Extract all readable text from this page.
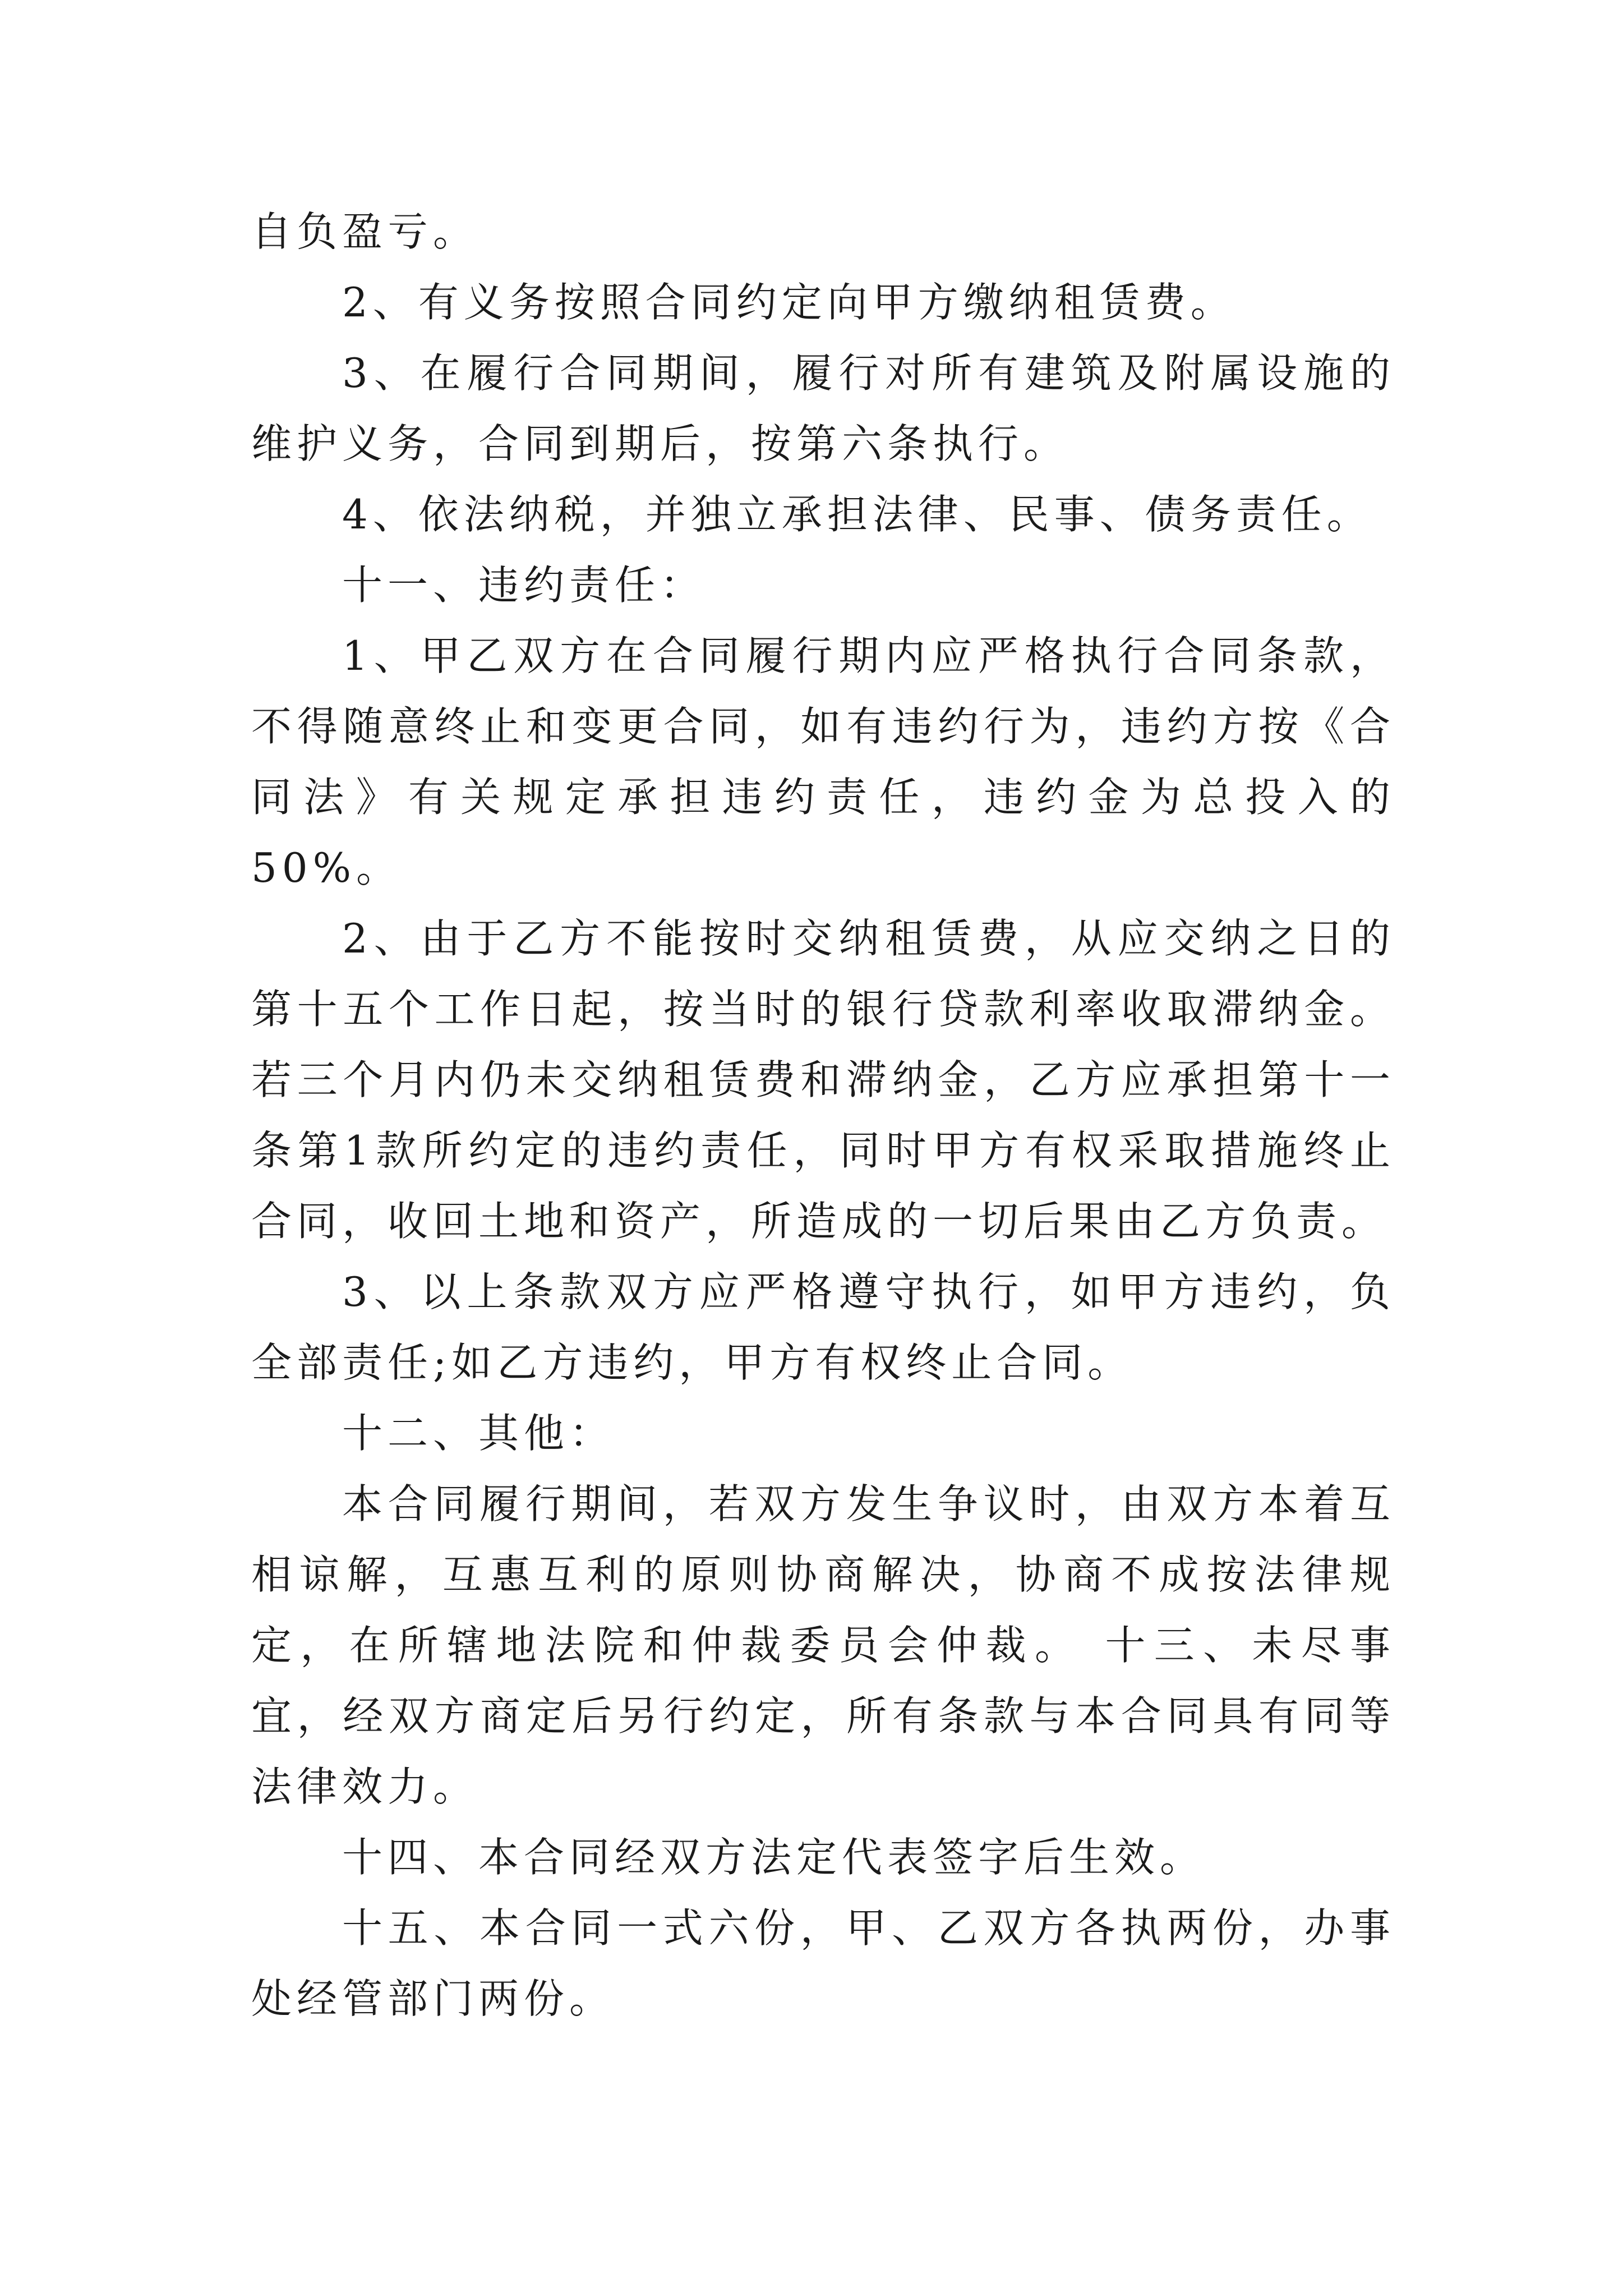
自负盈亏。

2、有义务按照合同约定向甲方缴纳租赁费。

3、在履行合同期间，履行对所有建筑及附属设施的维护义务，合同到期后，按第六条执行。

4、依法纳税，并独立承担法律、民事、债务责任。

十一、违约责任：

1、甲乙双方在合同履行期内应严格执行合同条款，不得随意终止和变更合同，如有违约行为，违约方按《合同法》有关规定承担违约责任，违约金为总投入的50%。

2、由于乙方不能按时交纳租赁费，从应交纳之日的第十五个工作日起，按当时的银行贷款利率收取滞纳金。若三个月内仍未交纳租赁费和滞纳金，乙方应承担第十一条第1款所约定的违约责任，同时甲方有权采取措施终止合同，收回土地和资产，所造成的一切后果由乙方负责。

3、以上条款双方应严格遵守执行，如甲方违约，负全部责任;如乙方违约，甲方有权终止合同。

十二、其他：

本合同履行期间，若双方发生争议时，由双方本着互相谅解，互惠互利的原则协商解决，协商不成按法律规定，在所辖地法院和仲裁委员会仲裁。 十三、未尽事宜，经双方商定后另行约定，所有条款与本合同具有同等法律效力。

十四、本合同经双方法定代表签字后生效。

十五、本合同一式六份，甲、乙双方各执两份，办事处经管部门两份。
